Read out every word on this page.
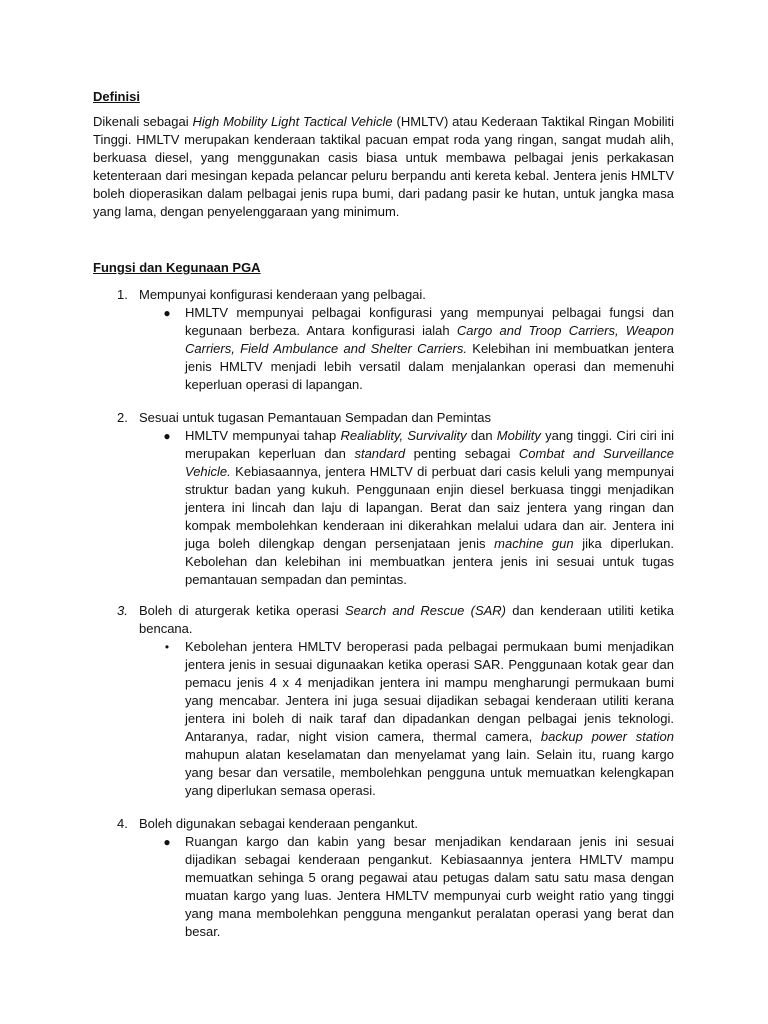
Definisi

Dikenali sebagai High Mobility Light Tactical Vehicle (HMLTV) atau Kederaan Taktikal Ringan Mobiliti Tinggi. HMLTV merupakan kenderaan taktikal pacuan empat roda yang ringan, sangat mudah alih, berkuasa diesel, yang menggunakan casis biasa untuk membawa pelbagai jenis perkakasan ketenteraan dari mesingan kepada pelancar peluru berpandu anti kereta kebal. Jentera jenis HMLTV boleh dioperasikan dalam pelbagai jenis rupa bumi, dari padang pasir ke hutan, untuk jangka masa yang lama, dengan penyelenggaraan yang minimum.

Fungsi dan Kegunaan PGA
1. Mempunyai konfigurasi kenderaan yang pelbagai.

● HMLTV mempunyai pelbagai konfigurasi yang mempunyai pelbagai fungsi dan kegunaan berbeza. Antara konfigurasi ialah Cargo and Troop Carriers, Weapon Carriers, Field Ambulance and Shelter Carriers. Kelebihan ini membuatkan jentera jenis HMLTV menjadi lebih versatil dalam menjalankan operasi dan memenuhi keperluan operasi di lapangan.

2. Sesuai untuk tugasan Pemantauan Sempadan dan Pemintas

● HMLTV mempunyai tahap Realiablity, Survivality dan Mobility yang tinggi. Ciri ciri ini merupakan keperluan dan standard penting sebagai Combat and Surveillance Vehicle. Kebiasaannya, jentera HMLTV di perbuat dari casis keluli yang mempunyai struktur badan yang kukuh. Penggunaan enjin diesel berkuasa tinggi menjadikan jentera ini lincah dan laju di lapangan. Berat dan saiz jentera yang ringan dan kompak membolehkan kenderaan ini dikerahkan melalui udara dan air. Jentera ini juga boleh dilengkap dengan persenjataan jenis machine gun jika diperlukan. Kebolehan dan kelebihan ini membuatkan jentera jenis ini sesuai untuk tugas pemantauan sempadan dan pemintas.

3. Boleh di aturgerak ketika operasi Search and Rescue (SAR) dan kenderaan utiliti ketika bencana.

•	Kebolehan jentera HMLTV beroperasi pada pelbagai permukaan bumi menjadikan jentera jenis in sesuai digunaakan ketika operasi SAR. Penggunaan kotak gear dan pemacu jenis 4 x 4 menjadikan jentera ini mampu mengharungi permukaan bumi yang mencabar. Jentera ini juga sesuai dijadikan sebagai kenderaan utiliti kerana jentera ini boleh di naik taraf dan dipadankan dengan pelbagai jenis teknologi. Antaranya, radar, night vision camera, thermal camera, backup power station mahupun alatan keselamatan dan menyelamat yang lain. Selain itu, ruang kargo yang besar dan versatile, membolehkan pengguna untuk memuatkan kelengkapan yang diperlukan semasa operasi.

4. Boleh digunakan sebagai kenderaan pengankut.

● Ruangan kargo dan kabin yang besar menjadikan kendaraan jenis ini sesuai dijadikan sebagai kenderaan pengankut. Kebiasaannya jentera HMLTV mampu memuatkan sehinga 5 orang pegawai atau petugas dalam satu satu masa dengan muatan kargo yang luas. Jentera HMLTV mempunyai curb weight ratio yang tinggi yang mana membolehkan pengguna mengankut peralatan operasi yang berat dan besar.
